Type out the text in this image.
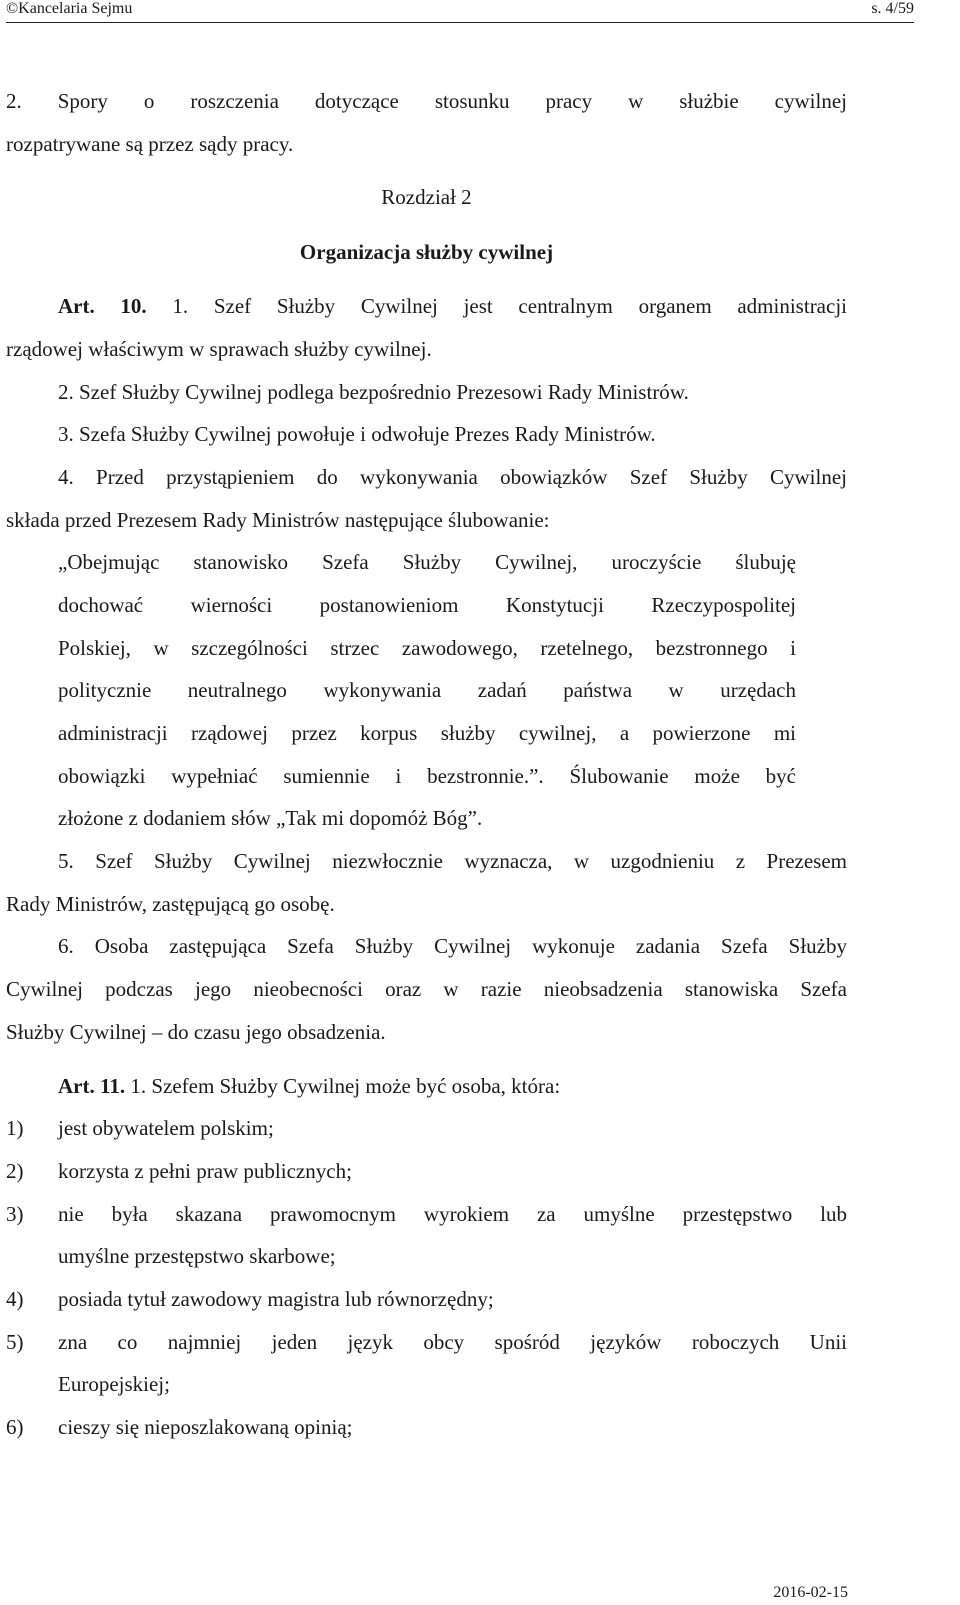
©Kancelaria Sejmu	s. 4/59
2. Spory o roszczenia dotyczące stosunku pracy w służbie cywilnej
rozpatrywane są przez sądy pracy.
Rozdział 2
Organizacja służby cywilnej
Art. 10. 1. Szef Służby Cywilnej jest centralnym organem administracji
rządowej właściwym w sprawach służby cywilnej.
2. Szef Służby Cywilnej podlega bezpośrednio Prezesowi Rady Ministrów.
3. Szefa Służby Cywilnej powołuje i odwołuje Prezes Rady Ministrów.
4. Przed przystąpieniem do wykonywania obowiązków Szef Służby Cywilnej
składa przed Prezesem Rady Ministrów następujące ślubowanie:
„Obejmując stanowisko Szefa Służby Cywilnej, uroczyście ślubuję
dochować wierności postanowieniom Konstytucji Rzeczypospolitej
Polskiej, w szczególności strzec zawodowego, rzetelnego, bezstronnego i
politycznie neutralnego wykonywania zadań państwa w urzędach
administracji rządowej przez korpus służby cywilnej, a powierzone mi
obowiązki wypełniać sumiennie i bezstronnie.”. Ślubowanie może być
złożone z dodaniem słów „Tak mi dopomóż Bóg”.
5. Szef Służby Cywilnej niezwłocznie wyznacza, w uzgodnieniu z Prezesem
Rady Ministrów, zastępującą go osobę.
6. Osoba zastępująca Szefa Służby Cywilnej wykonuje zadania Szefa Służby
Cywilnej podczas jego nieobecności oraz w razie nieobsadzenia stanowiska Szefa
Służby Cywilnej – do czasu jego obsadzenia.
Art. 11. 1. Szefem Służby Cywilnej może być osoba, która:
1) jest obywatelem polskim;
2) korzysta z pełni praw publicznych;
3) nie była skazana prawomocnym wyrokiem za umyślne przestępstwo lub
umyślne przestępstwo skarbowe;
4) posiada tytuł zawodowy magistra lub równorzędny;
5) zna co najmniej jeden język obcy spośród języków roboczych Unii
Europejskiej;
6) cieszy się nieposzlakowaną opinią;
2016-02-15
